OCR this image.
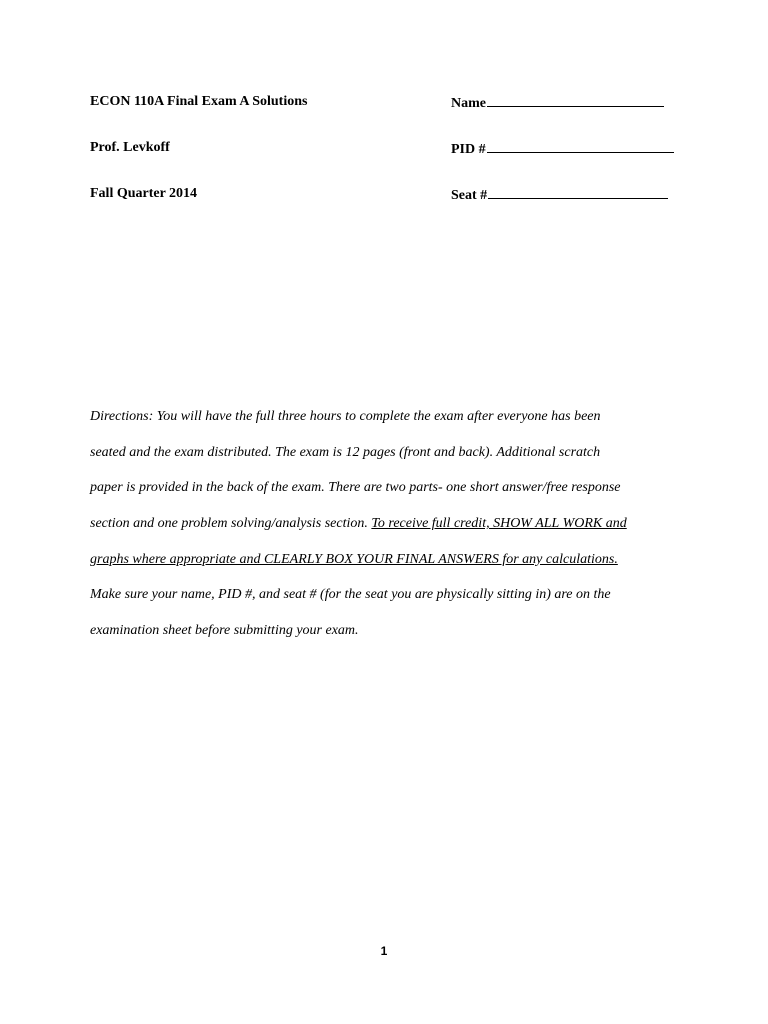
ECON 110A Final Exam A Solutions	Name
Prof. Levkoff	PID #
Fall Quarter 2014	Seat #
Directions: You will have the full three hours to complete the exam after everyone has been
seated and the exam distributed. The exam is 12 pages (front and back). Additional scratch
paper is provided in the back of the exam. There are two parts- one short answer/free response
section and one problem solving/analysis section. To receive full credit, SHOW ALL WORK and
graphs where appropriate and CLEARLY BOX YOUR FINAL ANSWERS for any calculations.
Make sure your name, PID #, and seat # (for the seat you are physically sitting in) are on the
examination sheet before submitting your exam.
1
